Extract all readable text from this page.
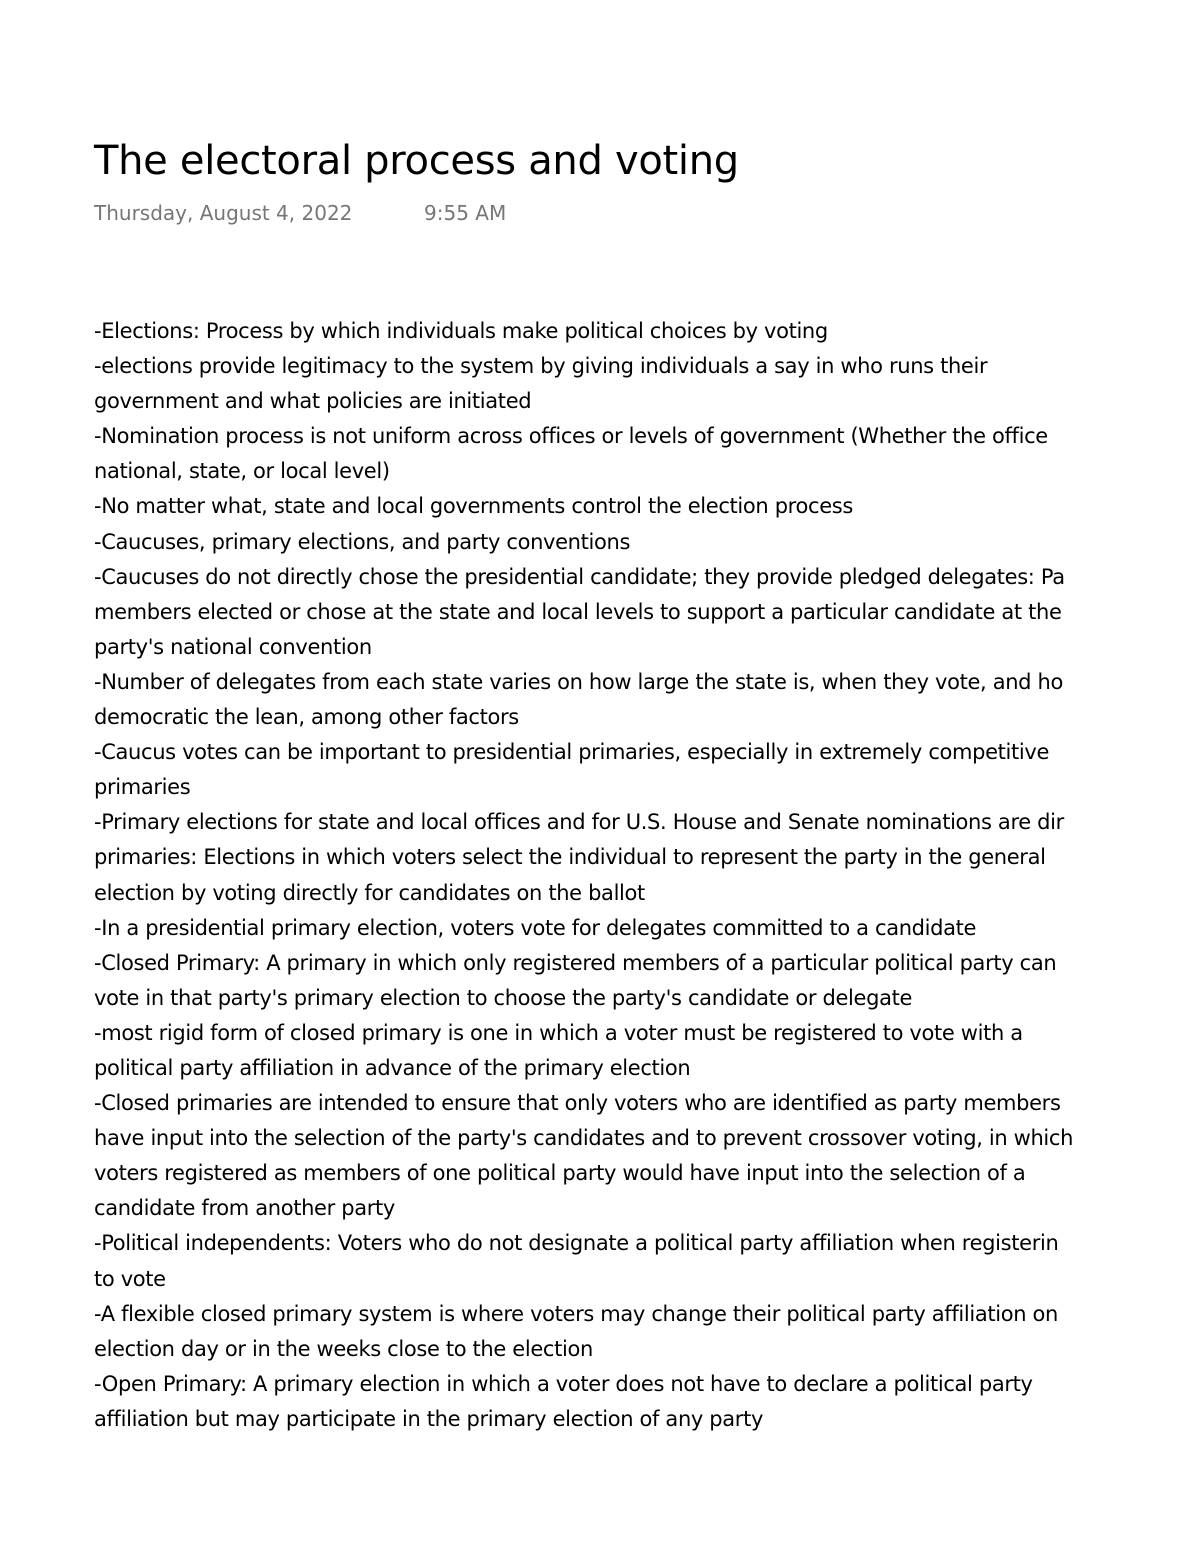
The electoral process and voting
Thursday, August 4, 2022	9:55 AM
-Elections: Process by which individuals make political choices by voting
-elections provide legitimacy to the system by giving individuals a say in who runs their
government and what policies are initiated
-Nomination process is not uniform across offices or levels of government (Whether the office
national, state, or local level)
-No matter what, state and local governments control the election process
-Caucuses, primary elections, and party conventions
-Caucuses do not directly chose the presidential candidate; they provide pledged delegates: Pa
members elected or chose at the state and local levels to support a particular candidate at the
party's national convention
-Number of delegates from each state varies on how large the state is, when they vote, and ho
democratic the lean, among other factors
-Caucus votes can be important to presidential primaries, especially in extremely competitive
primaries
-Primary elections for state and local offices and for U.S. House and Senate nominations are dir
primaries: Elections in which voters select the individual to represent the party in the general
election by voting directly for candidates on the ballot
-In a presidential primary election, voters vote for delegates committed to a candidate
-Closed Primary: A primary in which only registered members of a particular political party can
vote in that party's primary election to choose the party's candidate or delegate
-most rigid form of closed primary is one in which a voter must be registered to vote with a
political party affiliation in advance of the primary election
-Closed primaries are intended to ensure that only voters who are identified as party members
have input into the selection of the party's candidates and to prevent crossover voting, in which
voters registered as members of one political party would have input into the selection of a
candidate from another party
-Political independents: Voters who do not designate a political party affiliation when registerin
to vote
-A flexible closed primary system is where voters may change their political party affiliation on
election day or in the weeks close to the election
-Open Primary: A primary election in which a voter does not have to declare a political party
affiliation but may participate in the primary election of any party
